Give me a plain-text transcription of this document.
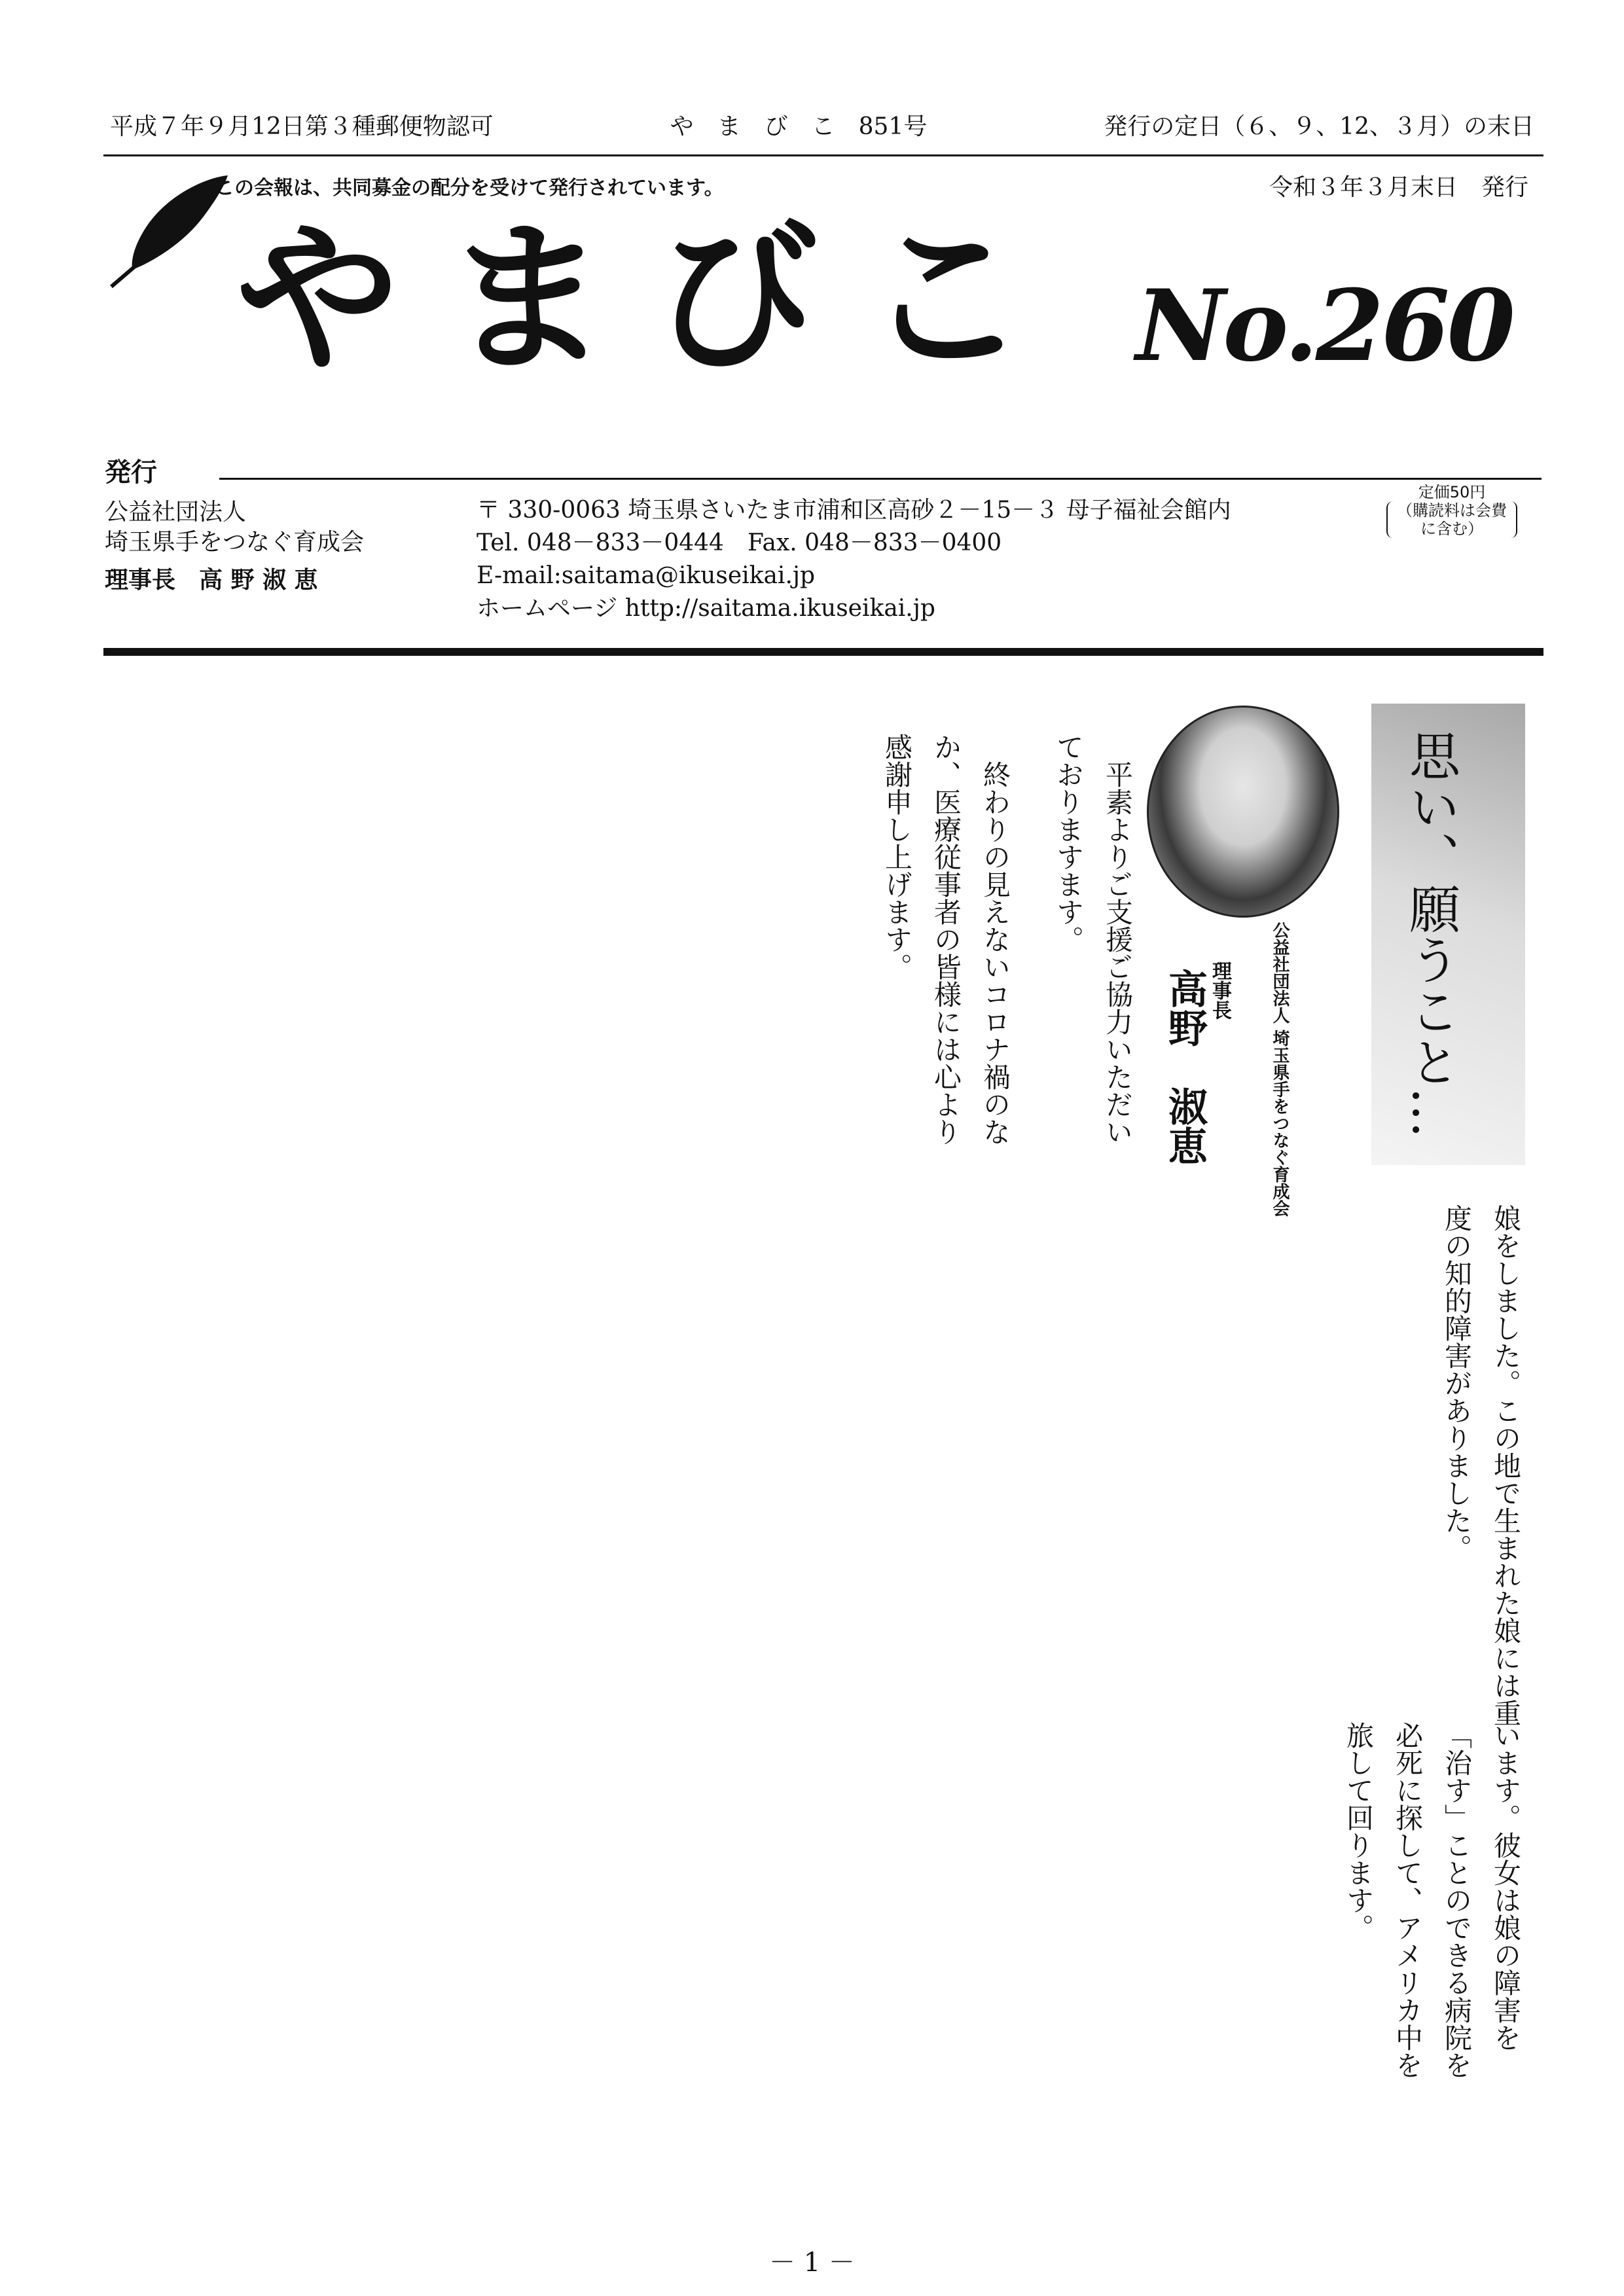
平成７年９月12日第３種郵便物認可	や　ま　び　こ　851号	発行の定日（６、９、12、３月）の末日
この会報は、共同募金の配分を受けて発行されています。	令和３年３月末日　発行
やまびこ No.260
発行
公益社団法人
埼玉県手をつなぐ育成会
理事長　高 野 淑 恵
〒 330-0063 埼玉県さいたま市浦和区高砂２－15－３ 母子福祉会館内
Tel. 048－833－0444　Fax. 048－833－0400
E-mail:saitama@ikuseikai.jp
ホームページ http://saitama.ikuseikai.jp
定価50円
（購読料は会費に含む）
思い、願うこと…
公益社団法人 埼玉県手をつなぐ育成会
理事長
高野　淑恵

平素よりご支援ご協力いただいておりますます。

終わりの見えないコロナ禍のなか、医療従事者の皆様には心より感謝申し上げます。

娘をしました。この地で生まれた娘には重度の知的障害がありました。

います。彼女は娘の障害を「治す」ことのできる病院を必死に探して、アメリカ中を旅して回ります。

－ 1 －
